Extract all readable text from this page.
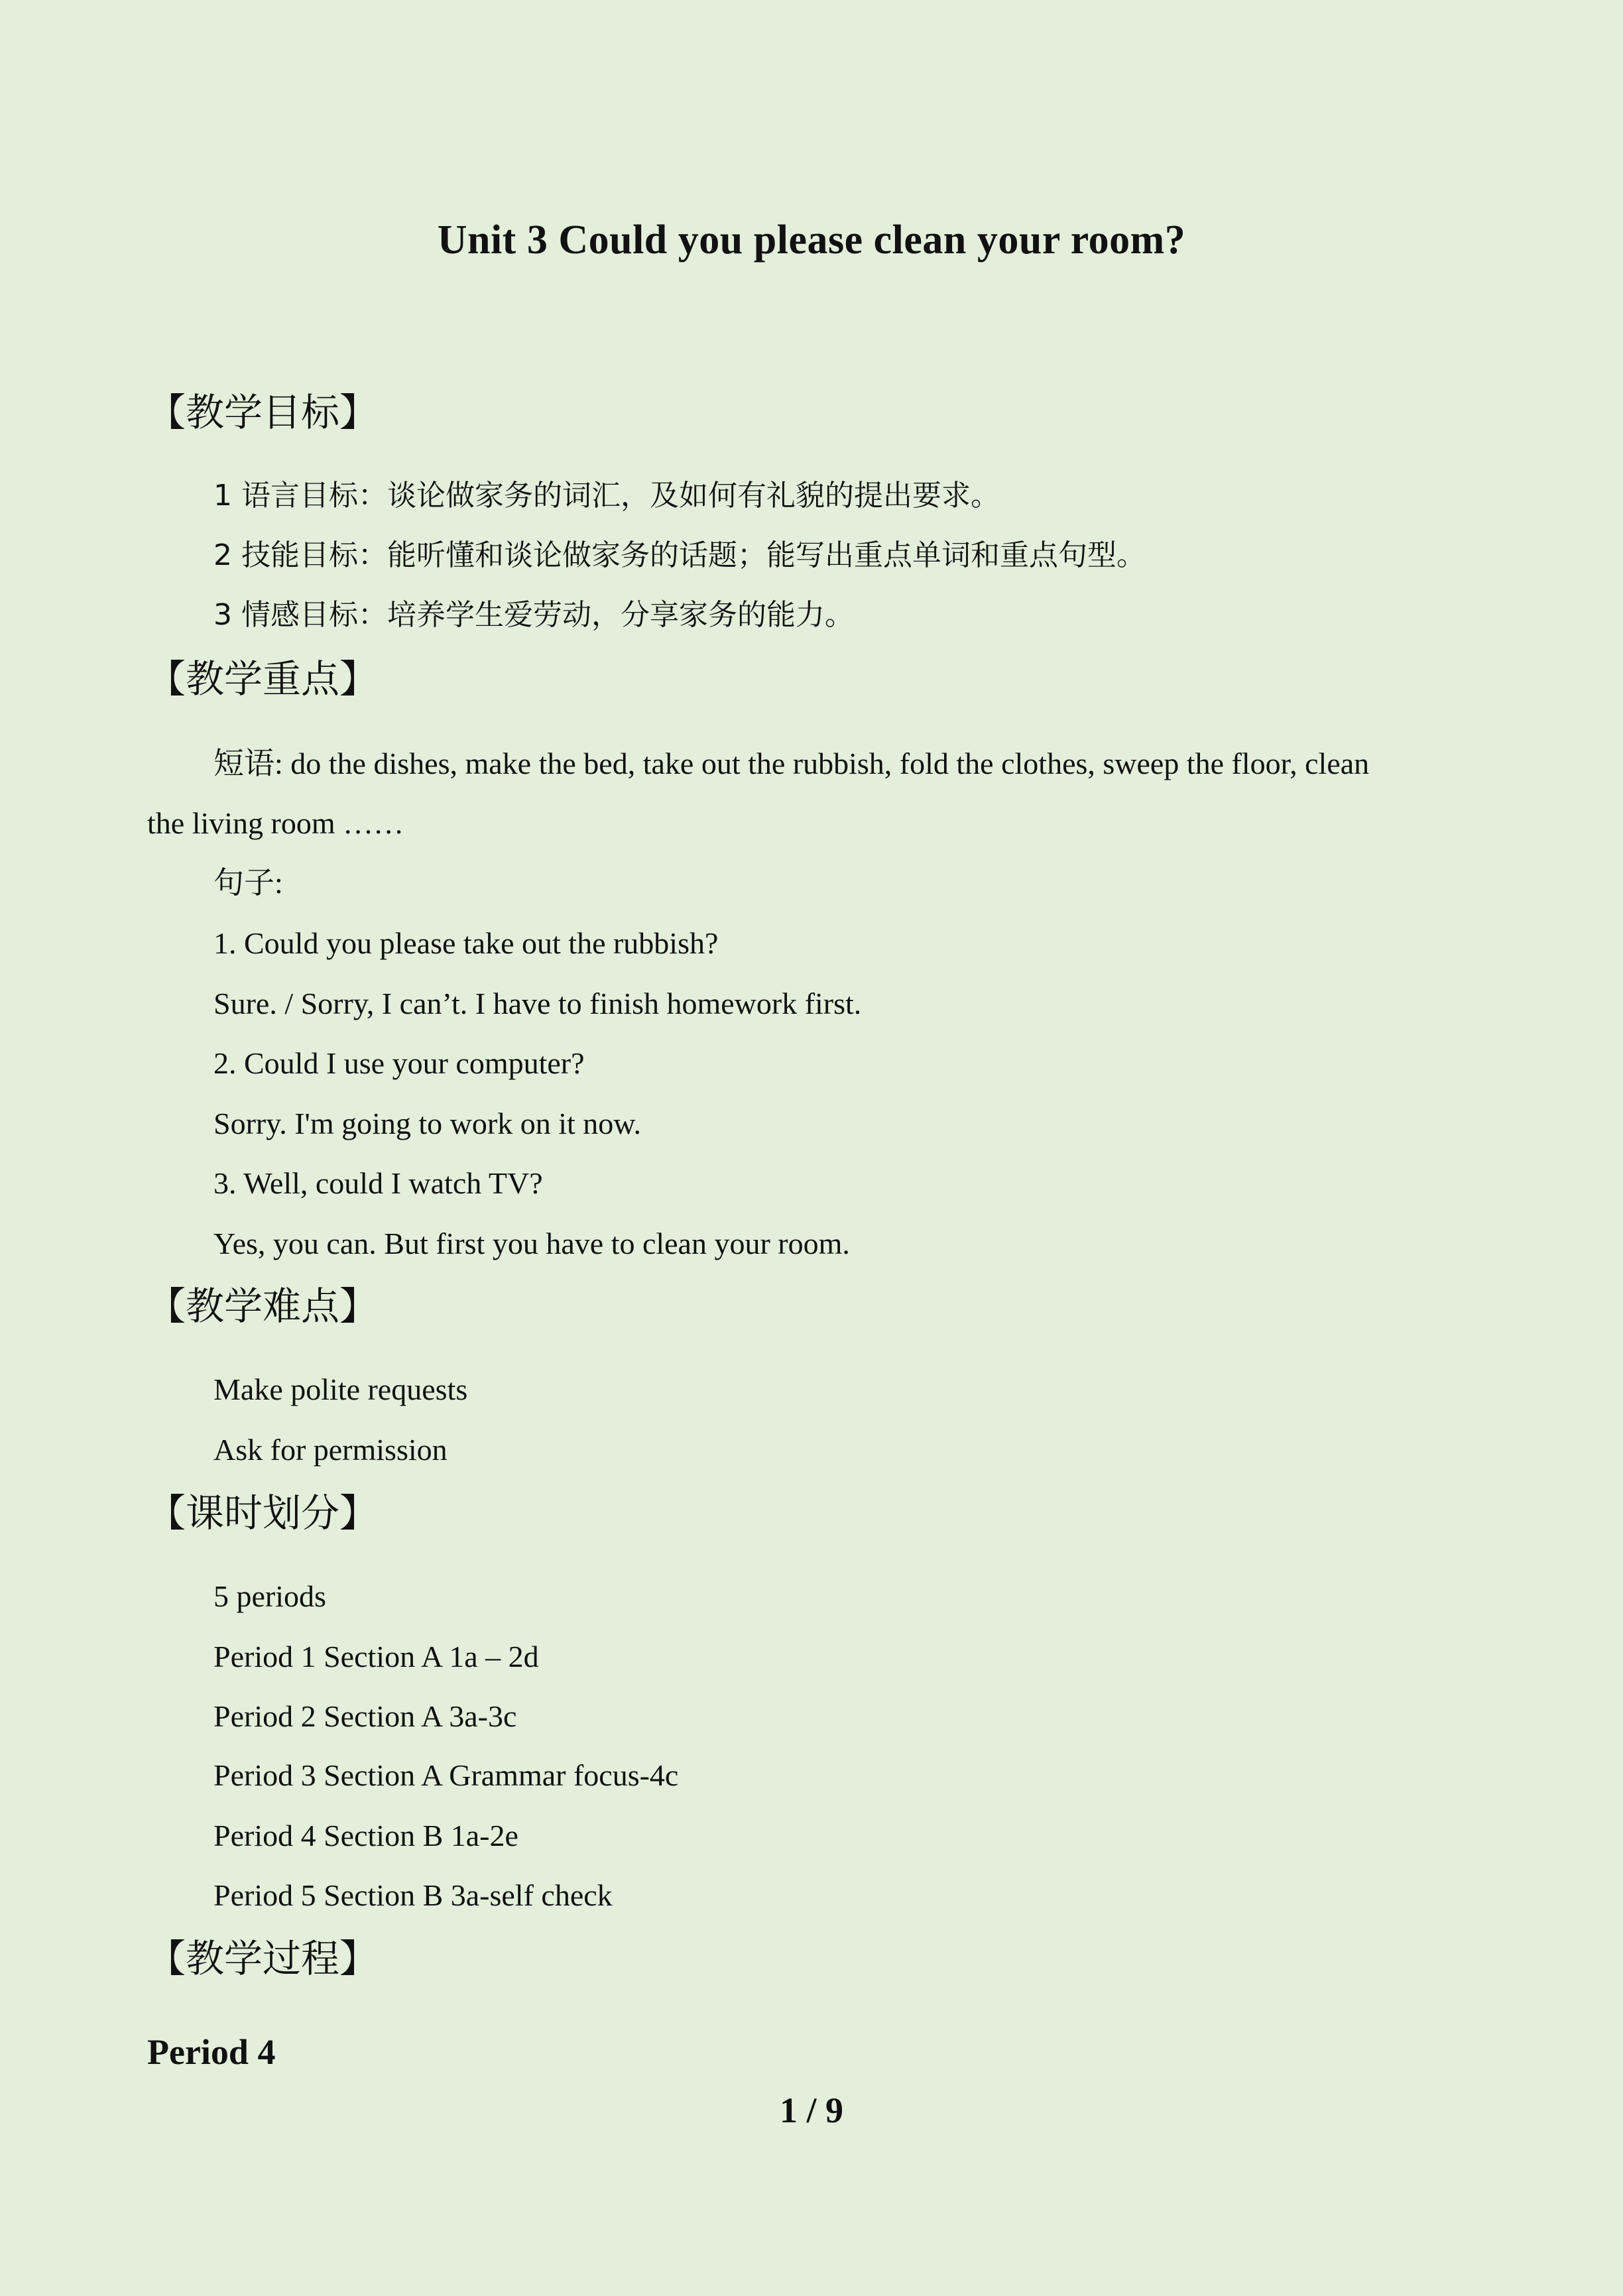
Unit 3 Could you please clean your room?
【教学目标】
1 语言目标：谈论做家务的词汇，及如何有礼貌的提出要求。
2 技能目标：能听懂和谈论做家务的话题；能写出重点单词和重点句型。
3 情感目标：培养学生爱劳动，分享家务的能力。
【教学重点】
短语: do the dishes, make the bed, take out the rubbish, fold the clothes, sweep the floor, clean
the living room ……
句子:
1. Could you please take out the rubbish?
Sure. / Sorry, I can’t. I have to finish homework first.
2. Could I use your computer?
Sorry. I'm going to work on it now.
3. Well, could I watch TV?
Yes, you can. But first you have to clean your room.
【教学难点】
Make polite requests
Ask for permission
【课时划分】
5 periods
Period 1 Section A 1a – 2d
Period 2 Section A 3a-3c
Period 3 Section A Grammar focus-4c
Period 4 Section B 1a-2e
Period 5 Section B 3a-self check
【教学过程】
Period 4
1 / 9
